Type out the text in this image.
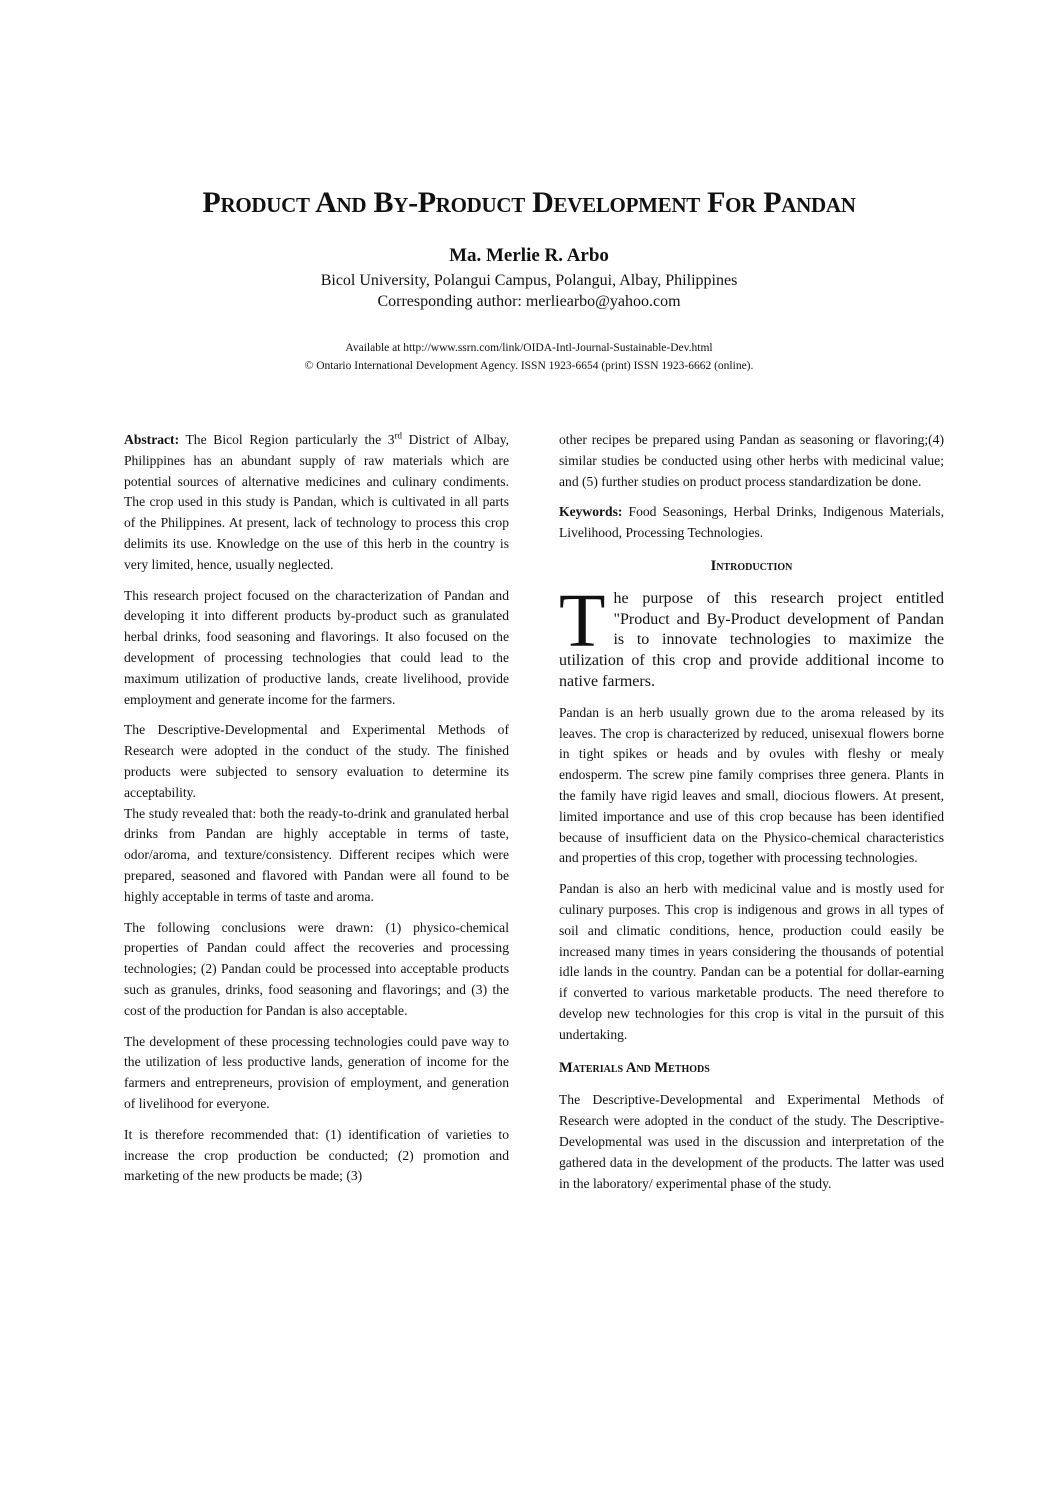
Product And By-Product Development For Pandan
Ma. Merlie R. Arbo
Bicol University, Polangui Campus, Polangui, Albay, Philippines
Corresponding author: merliearbo@yahoo.com
Available at http://www.ssrn.com/link/OIDA-Intl-Journal-Sustainable-Dev.html
© Ontario International Development Agency. ISSN 1923-6654 (print) ISSN 1923-6662 (online).

Abstract: The Bicol Region particularly the 3rd District of Albay, Philippines has an abundant supply of raw materials which are potential sources of alternative medicines and culinary condiments. The crop used in this study is Pandan, which is cultivated in all parts of the Philippines. At present, lack of technology to process this crop delimits its use. Knowledge on the use of this herb in the country is very limited, hence, usually neglected.

This research project focused on the characterization of Pandan and developing it into different products by-product such as granulated herbal drinks, food seasoning and flavorings. It also focused on the development of processing technologies that could lead to the maximum utilization of productive lands, create livelihood, provide employment and generate income for the farmers.

The Descriptive-Developmental and Experimental Methods of Research were adopted in the conduct of the study. The finished products were subjected to sensory evaluation to determine its acceptability.

The study revealed that: both the ready-to-drink and granulated herbal drinks from Pandan are highly acceptable in terms of taste, odor/aroma, and texture/consistency. Different recipes which were prepared, seasoned and flavored with Pandan were all found to be highly acceptable in terms of taste and aroma.

The following conclusions were drawn: (1) physico-chemical properties of Pandan could affect the recoveries and processing technologies; (2) Pandan could be processed into acceptable products such as granules, drinks, food seasoning and flavorings; and (3) the cost of the production for Pandan is also acceptable.

The development of these processing technologies could pave way to the utilization of less productive lands, generation of income for the farmers and entrepreneurs, provision of employment, and generation of livelihood for everyone.

It is therefore recommended that: (1) identification of varieties to increase the crop production be conducted; (2) promotion and marketing of the new products be made; (3)

other recipes be prepared using Pandan as seasoning or flavoring;(4) similar studies be conducted using other herbs with medicinal value; and (5) further studies on product process standardization be done.

Keywords: Food Seasonings, Herbal Drinks, Indigenous Materials, Livelihood, Processing Technologies.

Introduction

The purpose of this research project entitled "Product and By-Product development of Pandan is to innovate technologies to maximize the utilization of this crop and provide additional income to native farmers.

Pandan is an herb usually grown due to the aroma released by its leaves. The crop is characterized by reduced, unisexual flowers borne in tight spikes or heads and by ovules with fleshy or mealy endosperm. The screw pine family comprises three genera. Plants in the family have rigid leaves and small, diocious flowers. At present, limited importance and use of this crop because has been identified because of insufficient data on the Physico-chemical characteristics and properties of this crop, together with processing technologies.

Pandan is also an herb with medicinal value and is mostly used for culinary purposes. This crop is indigenous and grows in all types of soil and climatic conditions, hence, production could easily be increased many times in years considering the thousands of potential idle lands in the country. Pandan can be a potential for dollar-earning if converted to various marketable products. The need therefore to develop new technologies for this crop is vital in the pursuit of this undertaking.

Materials And Methods

The Descriptive-Developmental and Experimental Methods of Research were adopted in the conduct of the study. The Descriptive-Developmental was used in the discussion and interpretation of the gathered data in the development of the products. The latter was used in the laboratory/ experimental phase of the study.
